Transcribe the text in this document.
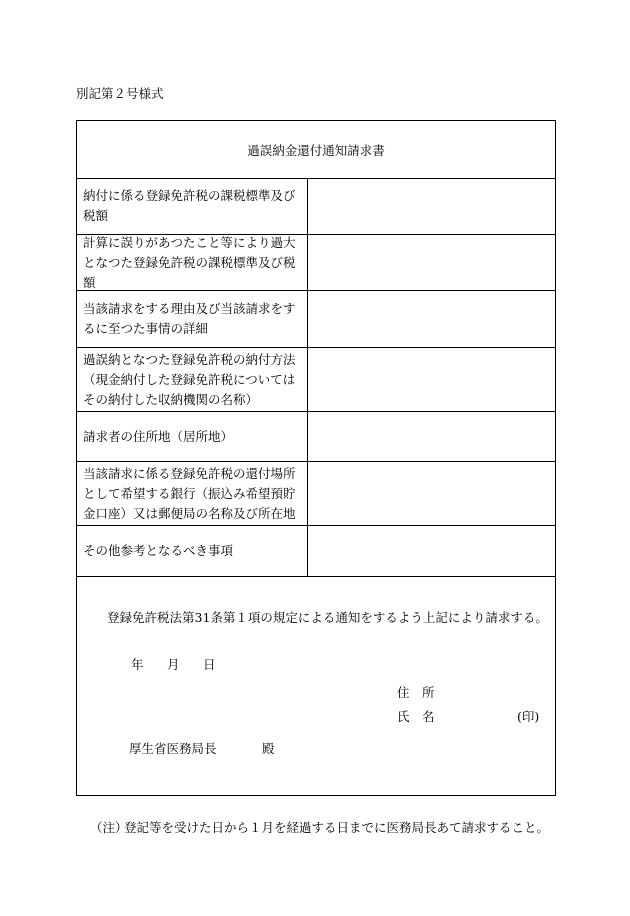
別記第２号様式
過誤納金還付通知請求書
納付に係る登録免許税の課税標準及び税額
計算に誤りがあつたこと等により過大となつた登録免許税の課税標準及び税額
当該請求をする理由及び当該請求をするに至つた事情の詳細
過誤納となつた登録免許税の納付方法（現金納付した登録免許税についてはその納付した収納機関の名称）
請求者の住所地（居所地）
当該請求に係る登録免許税の還付場所として希望する銀行（振込み希望預貯金口座）又は郵便局の名称及び所在地
その他参考となるべき事項
登録免許税法第31条第１項の規定による通知をするよう上記により請求する。
年 月 日
住　所
氏　名	(印)
厚生省医務局長	殿
（注）
登記等を受けた日から１月を経過する日までに医務局長あて請求すること。
